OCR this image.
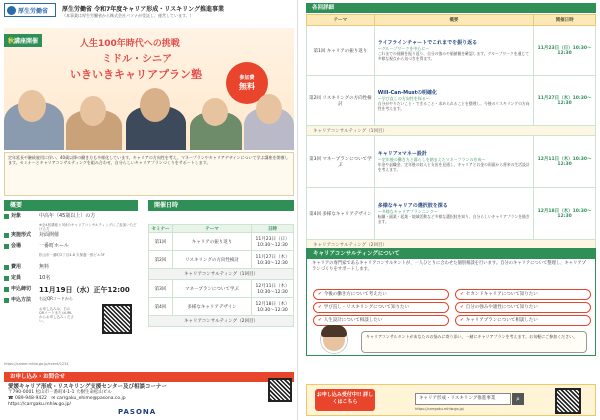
厚生労働省 厚生労働省 令和7年度キャリア形成・リスキリング推進事業
（本事業は厚生労働省から株式会社パソナが受託し、運営しています。）
秋講座開催	人生100年時代への挑戦
ミドル・シニア
いきいきキャリアプラン塾	参加費
無料

定年延長や継続雇用に伴い、40歳以降の働き方も多様化しています。キャリアの方向性を考え、マネープランやキャリアデザインについて学ぶ講座を開催します。セミナーとキャリアコンサルティングを組み合わせ、自分らしいキャリアプランづくりをサポートします。

概要
対象	中高年（45歳以上）の方
※全4回講座と3回のキャリアコンサルティングにご参加いただける方
実施形式	対面開催
会場	一番町ホール
松山市一番町2丁目4-8 久保養一郎ビル3F
費用	無料
定員	10名
申込締切	11月19日（水）正午12:00
申込方法	右記QRコードから
お申し込みは、右のQRコードまたはURLからお申し込みください。
https://career.mhlw.go.jp/event/1234
開催日時
セミナー	テーマ	日時
第1回	キャリアの振り返り	11月23日（日）10:30〜12:30
第2回	リスキリングの方向性検討	11月27日（木）10:30〜12:30
キャリアコンサルティング（1回目）		
第3回	マネープランについて学ぶ	12月11日（木）10:30〜12:30
第4回	多様なキャリアデザイン	12月18日（木）10:30〜12:30
キャリアコンサルティング（2回目）		
お申し込み・お問合せ
愛媛キャリア形成・リスキリング支援センター及び相談コーナー
〒790-0001 松山市一番町4-1-1 大樹生命松山ビル
☎ 089-948-9422　 ✉ carrgaku_ehime@pasona.co.jp
https://carrgaku.mhlw.go.jp/
PASONA
各回詳細
テーマ	概要	開催日時
第1回 キャリアの振り返り	ライフラインチャートでこれまでを振り返る
〜グループワークを中心に〜
これまでの経験を振り返り、自分の強みや価値観を確認します。グループワークを通じて多様な視点から気づきを得ます。	11月23日（日）10:30〜12:30
第2回 リスキリングの方向性検討	Will-Can-Mustの明確化
〜学び直しの方向性を探る〜
自分がやりたいこと・できること・求められることを整理し、今後のリスキリングの方向性を考えます。	11月27日（木）10:30〜12:30
キャリアコンサルティング（1回目）		
第3回 マネープランについて学ぶ	キャリア×マネー設計
〜定年後の働き方と暮らしを踏まえたマネープランの作成〜
年金や退職金、定年後の収入と支出を見通し、キャリアとお金の両面から将来の生活設計を考えます。	12月11日（木）10:30〜12:30
第4回 多様なキャリアデザイン	多様なキャリアの選択肢を探る
〜多様なキャリアプランニング〜
転職・副業・起業・地域活動など多様な選択肢を知り、自分らしいキャリアプランを描きます。	12月18日（木）10:30〜12:30
キャリアコンサルティング（2回目）		
キャリアコンサルティングについて
キャリアの専門家であるキャリアコンサルタントが、一人ひとりに合わせた個別相談を行います。自分のキャリアについて整理し、キャリアプランづくりをサポートします。
✔ 今後の働き方について考えたい	✔ セカンドキャリアについて知りたい
✔ 学び直し・リスキリングについて知りたい	✔ 自分の強みや適性について知りたい
✔ 人生設計について相談したい	✔ キャリアプランについて相談したい
キャリアコンサルタントがあなたのお悩みに寄り添い、一緒にキャリアプランを考えます。お気軽にご参加ください。
お申し込み受付中!! 詳しくはこちら
キャリア形成・リスキリング推進事業	⌕
https://carrgaku.mhlw.go.jp/
